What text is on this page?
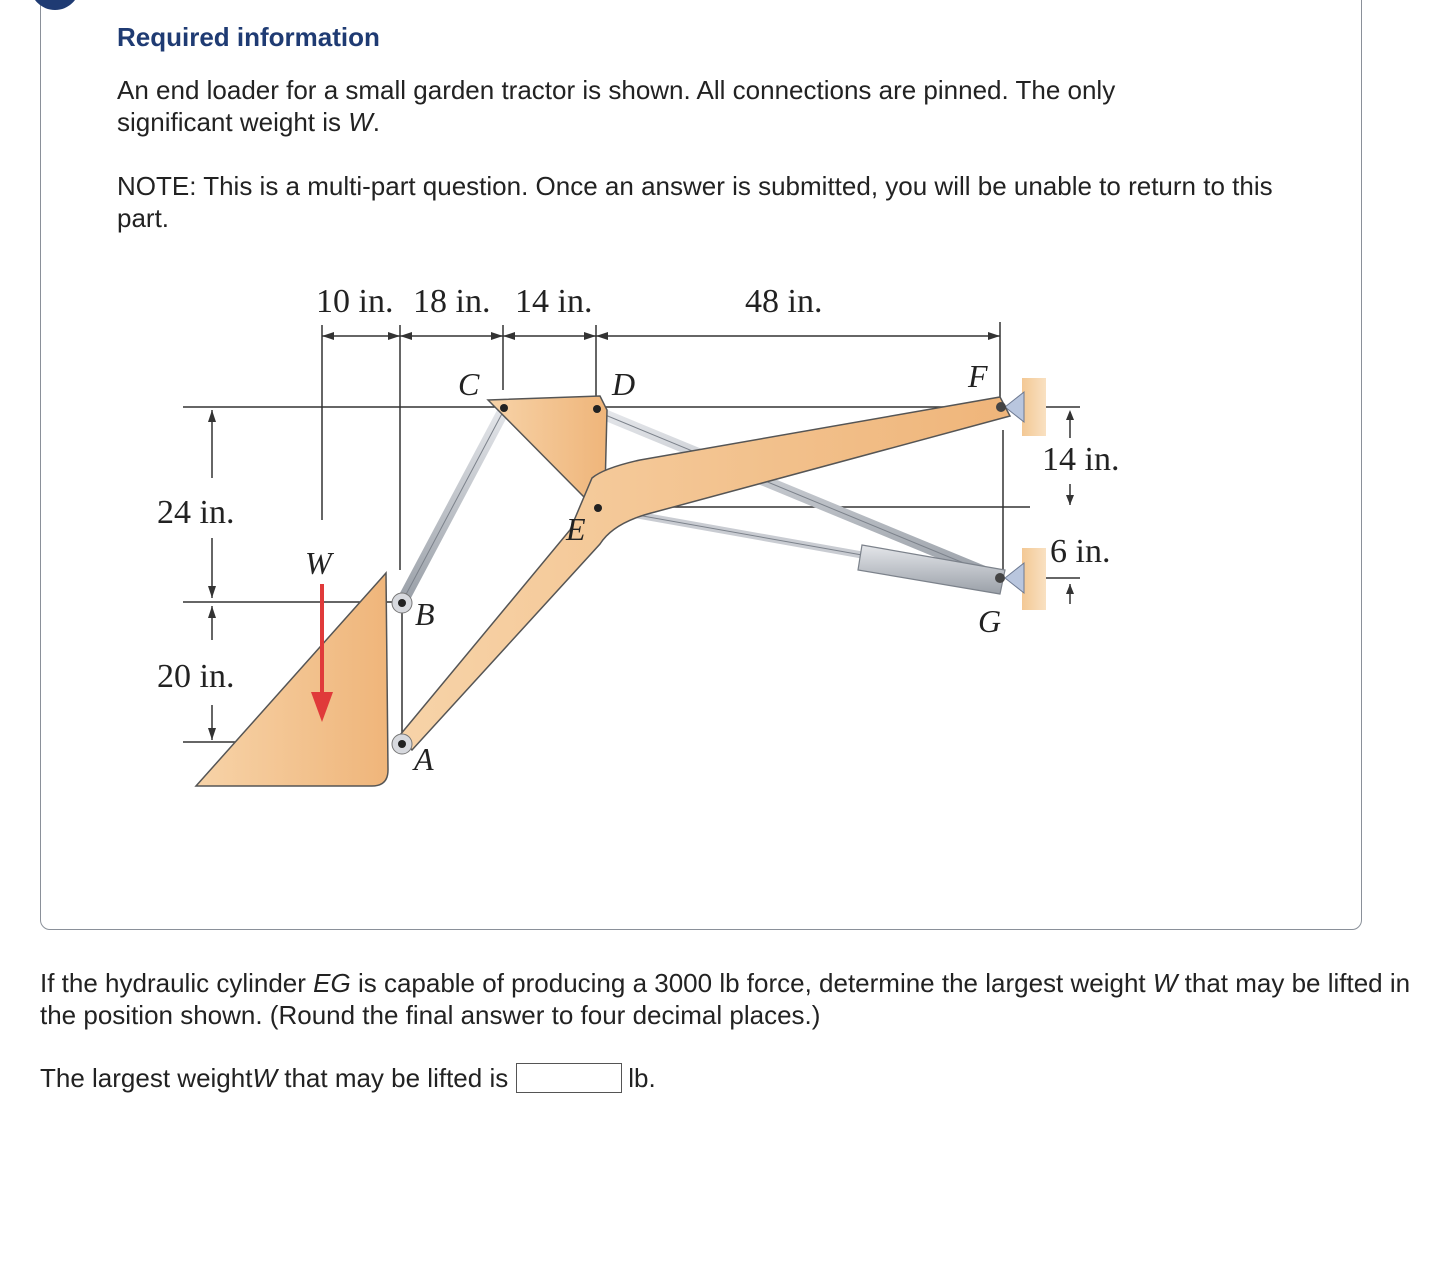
Required information

An end loader for a small garden tractor is shown. All connections are pinned. The only significant weight is W.

NOTE: This is a multi-part question. Once an answer is submitted, you will be unable to return to this part.

10 in. 18 in. 14 in.	48 in.
24 in.
20 in.
14 in.
6 in.
C	D
E
F
G
B
A
W

If the hydraulic cylinder EG is capable of producing a 3000 lb force, determine the largest weight W that may be lifted in the position shown. (Round the final answer to four decimal places.)

The largest weight W that may be lifted is	lb.
